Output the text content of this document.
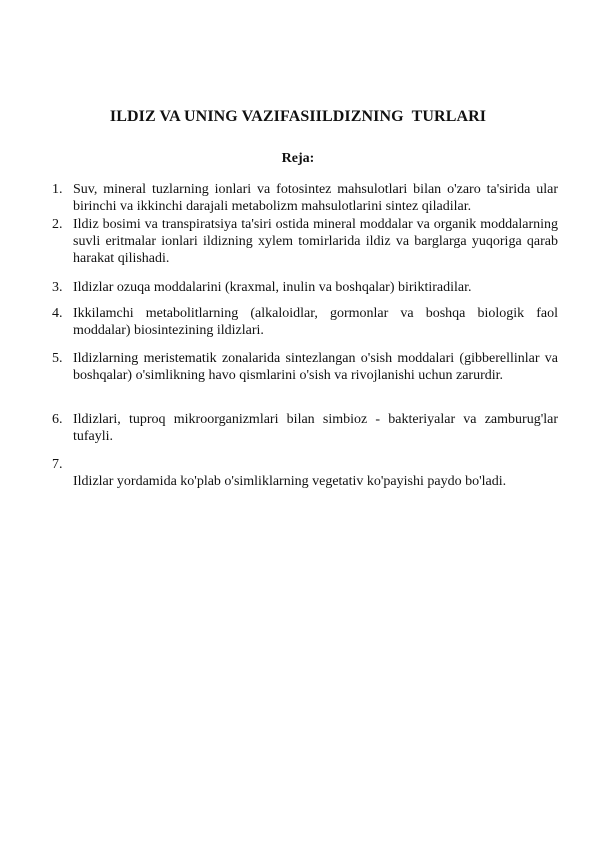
ILDIZ VA UNING VAZIFASIILDIZNING  TURLARI
Reja:
1. Suv, mineral tuzlarning ionlari va fotosintez mahsulotlari bilan o'zaro ta'sirida ular birinchi va ikkinchi darajali metabolizm mahsulotlarini sintez qiladilar.
2. Ildiz bosimi va transpiratsiya ta'siri ostida mineral moddalar va organik moddalarning suvli eritmalar ionlari ildizning xylem tomirlarida ildiz va barglarga yuqoriga qarab harakat qilishadi.
3. Ildizlar ozuqa moddalarini (kraxmal, inulin va boshqalar) biriktiradilar.
4. Ikkilamchi metabolitlarning (alkaloidlar, gormonlar va boshqa biologik faol moddalar) biosintezining ildizlari.
5. Ildizlarning meristematik zonalarida sintezlangan o'sish moddalari (gibberellinlar va boshqalar) o'simlikning havo qismlarini o'sish va rivojlanishi uchun zarurdir.
6. Ildizlari, tuproq mikroorganizmlari bilan simbioz - bakteriyalar va zamburug'lar tufayli.
7.
Ildizlar yordamida ko'plab o'simliklarning vegetativ ko'payishi paydo bo'ladi.
